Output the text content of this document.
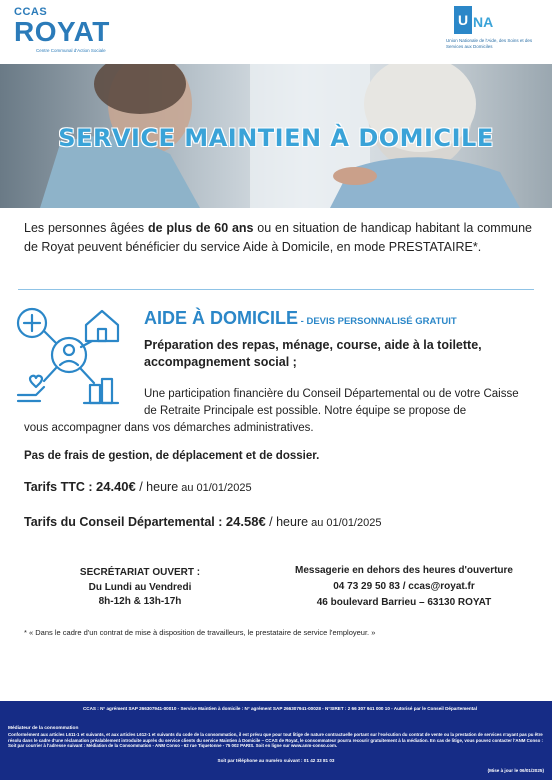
CCAS
ROYAT
Centre Communal d'Action Sociale
U NA
Union Nationale de l'Aide, des Soins et des Services aux Domiciles
SERVICE MAINTIEN À DOMICILE

Les personnes âgées de plus de 60 ans ou en situation de handicap habitant la commune de Royat peuvent bénéficier du service Aide à Domicile, en mode PRESTATAIRE*.

AIDE À DOMICILE - DEVIS PERSONNALISÉ GRATUIT

Préparation des repas, ménage, course, aide à la toilette, accompagnement social ;

Une participation financière du Conseil Départemental ou de votre Caisse de Retraite Principale est possible. Notre équipe se propose de

vous accompagner dans vos démarches administratives.

Pas de frais de gestion, de déplacement et de dossier.

Tarifs TTC : 24.40€ / heure au 01/01/2025
Tarifs du Conseil Départemental : 24.58€ / heure au 01/01/2025
SECRÉTARIAT OUVERT :
Du Lundi au Vendredi
8h-12h & 13h-17h
Messagerie en dehors des heures d'ouverture
04 73 29 50 83 / ccas@royat.fr
46 boulevard Barrieu – 63130 ROYAT

* « Dans le cadre d'un contrat de mise à disposition de travailleurs, le prestataire de service l'employeur. »

CCAS : N° agrément SAP 266307941-00010 - Service Maintien à domicile : N° agrément SAP 266307941-00028 - N°SIRET : 2 66 307 941 000 10 - Autorisé par le Conseil Départemental
Médiateur de la consommation
Conformément aux articles L611-1 et suivants, et aux articles L612-1 et suivants du code de la consommation, il est prévu que pour tout litige de nature contractuelle portant sur l'exécution du contrat de vente ou la prestation de services n'ayant pas pu être résolu dans le cadre d'une réclamation préalablement introduite auprès du service clients du service Maintien à Domicile – CCAS de Royat, le consommateur pourra recourir gratuitement à la médiation. En cas de litige, vous pouvez contacter l'ANM Conso : Soit par courrier à l'adresse suivant : Médiation de la Consommation - ANM Conso - 62 rue Tiquetonne - 75 002 PARIS. Soit en ligne sur www.anm-conso.com.
Soit par téléphone au numéro suivant : 01 42 33 81 03
(Mise à jour le 06/01/2025)
